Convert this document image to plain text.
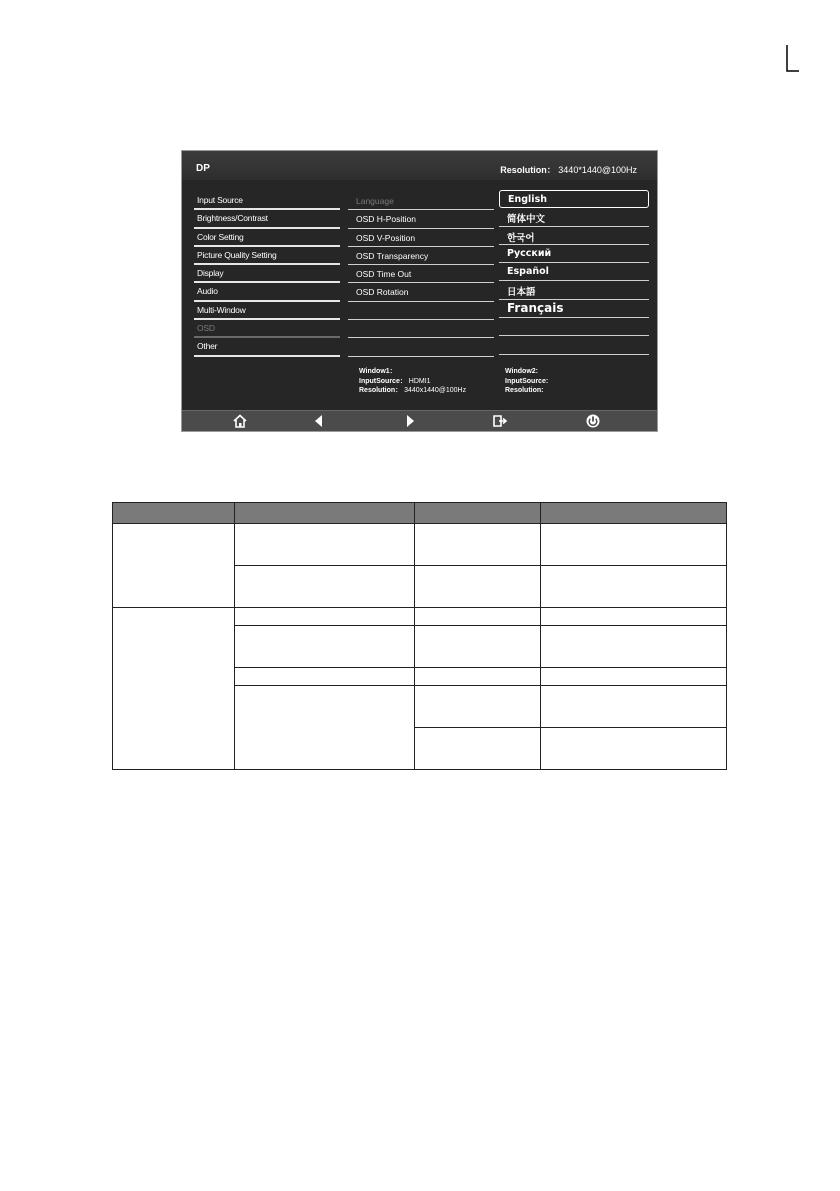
DP	Resolution： 3440*1440@100Hz
Input Source
Brightness/Contrast
Color Setting
Picture Quality Setting
Display
Audio
Multi-Window
OSD
Other
Language
OSD H-Position
OSD V-Position
OSD Transparency
OSD Time Out
OSD Rotation
English
简体中文
한국어
Русский
Español
日本語
Français
Window1：
InputSource： HDMI1
Resolution： 3440x1440@100Hz
Window2:
InputSource:
Resolution:
